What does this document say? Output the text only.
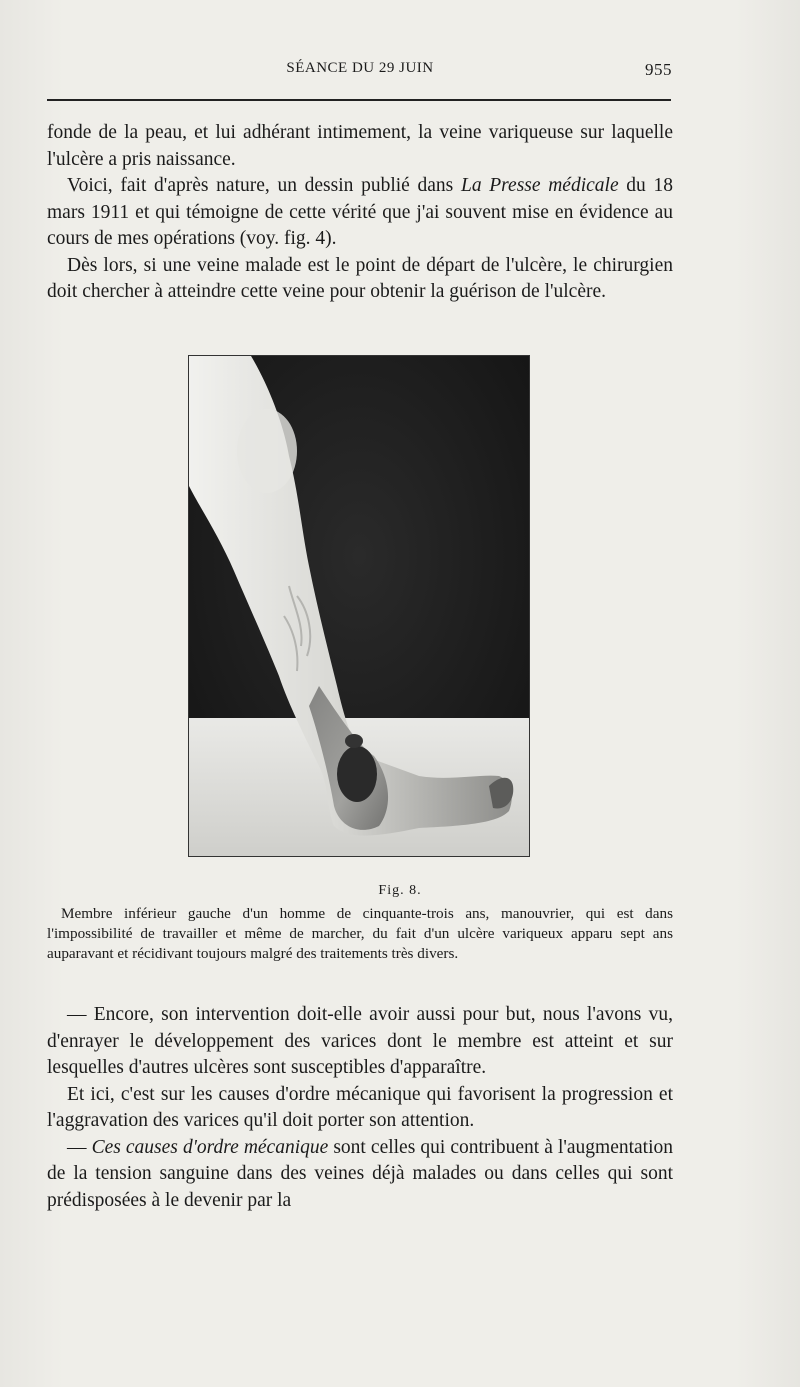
SÉANCE DU 29 JUIN	955

fonde de la peau, et lui adhérant intimement, la veine variqueuse sur laquelle l'ulcère a pris naissance.

Voici, fait d'après nature, un dessin publié dans La Presse médicale du 18 mars 1911 et qui témoigne de cette vérité que j'ai souvent mise en évidence au cours de mes opérations (voy. fig. 4).

Dès lors, si une veine malade est le point de départ de l'ulcère, le chirurgien doit chercher à atteindre cette veine pour obtenir la guérison de l'ulcère.

Fig. 8.
Membre inférieur gauche d'un homme de cinquante-trois ans, manouvrier, qui est dans l'impossibilité de travailler et même de marcher, du fait d'un ulcère variqueux apparu sept ans auparavant et récidivant toujours malgré des traitements très divers.

— Encore, son intervention doit-elle avoir aussi pour but, nous l'avons vu, d'enrayer le développement des varices dont le membre est atteint et sur lesquelles d'autres ulcères sont susceptibles d'apparaître.

Et ici, c'est sur les causes d'ordre mécanique qui favorisent la progression et l'aggravation des varices qu'il doit porter son attention.

— Ces causes d'ordre mécanique sont celles qui contribuent à l'augmentation de la tension sanguine dans des veines déjà malades ou dans celles qui sont prédisposées à le devenir par la
